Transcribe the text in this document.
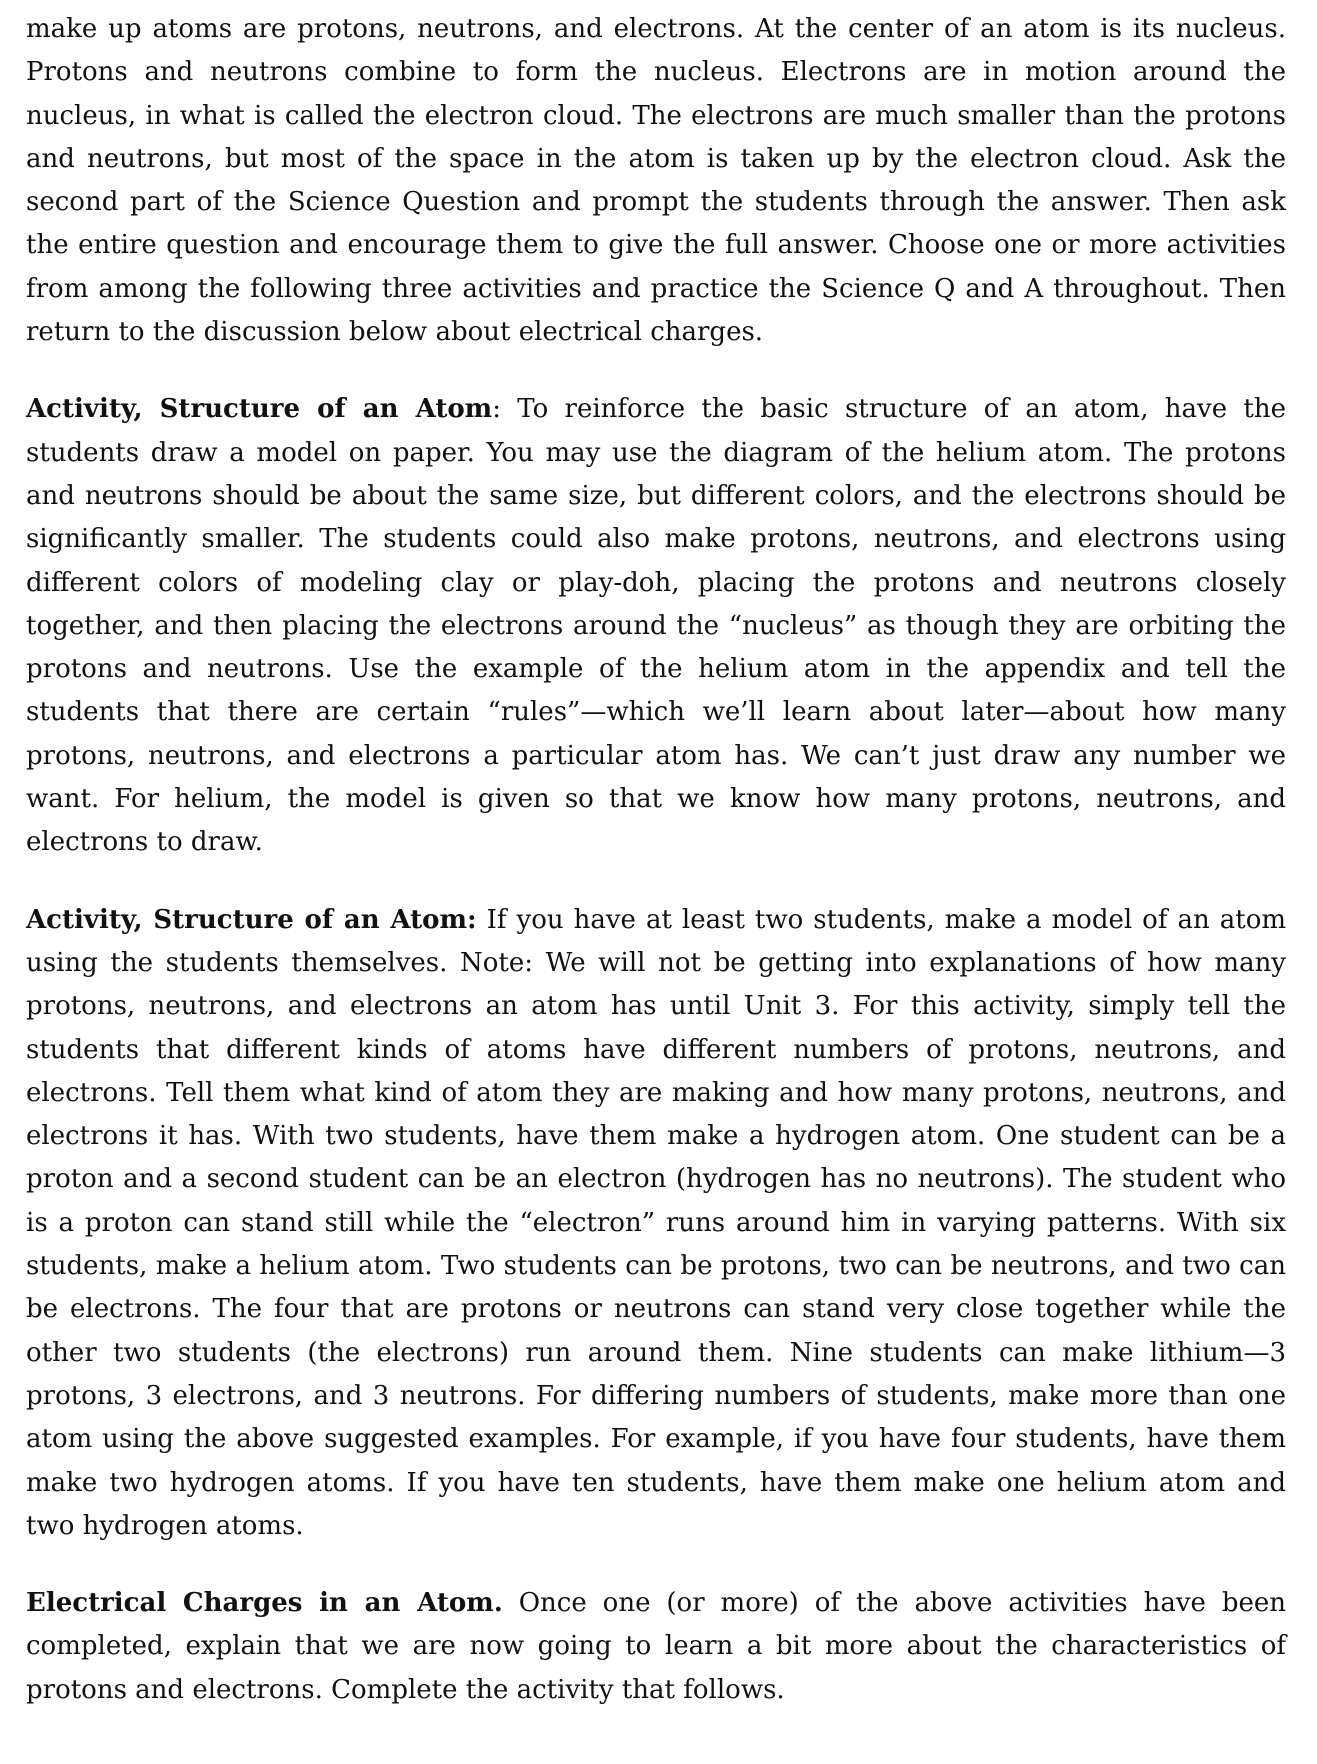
make up atoms are protons, neutrons, and electrons. At the center of an atom is its nucleus. Protons and neutrons combine to form the nucleus. Electrons are in motion around the nucleus, in what is called the electron cloud. The electrons are much smaller than the protons and neutrons, but most of the space in the atom is taken up by the electron cloud. Ask the second part of the Science Question and prompt the students through the answer. Then ask the entire question and encourage them to give the full answer. Choose one or more activities from among the following three activities and practice the Science Q and A throughout. Then return to the discussion below about electrical charges.

Activity, Structure of an Atom: To reinforce the basic structure of an atom, have the students draw a model on paper. You may use the diagram of the helium atom. The protons and neutrons should be about the same size, but different colors, and the electrons should be significantly smaller. The students could also make protons, neutrons, and electrons using different colors of modeling clay or play-doh, placing the protons and neutrons closely together, and then placing the electrons around the “nucleus” as though they are orbiting the protons and neutrons. Use the example of the helium atom in the appendix and tell the students that there are certain “rules”—which we’ll learn about later—about how many protons, neutrons, and electrons a particular atom has. We can’t just draw any number we want. For helium, the model is given so that we know how many protons, neutrons, and electrons to draw.

Activity, Structure of an Atom: If you have at least two students, make a model of an atom using the students themselves. Note: We will not be getting into explanations of how many protons, neutrons, and electrons an atom has until Unit 3. For this activity, simply tell the students that different kinds of atoms have different numbers of protons, neutrons, and electrons. Tell them what kind of atom they are making and how many protons, neutrons, and electrons it has. With two students, have them make a hydrogen atom. One student can be a proton and a second student can be an electron (hydrogen has no neutrons). The student who is a proton can stand still while the “electron” runs around him in varying patterns. With six students, make a helium atom. Two students can be protons, two can be neutrons, and two can be electrons. The four that are protons or neutrons can stand very close together while the other two students (the electrons) run around them. Nine students can make lithium—3 protons, 3 electrons, and 3 neutrons. For differing numbers of students, make more than one atom using the above suggested examples. For example, if you have four students, have them make two hydrogen atoms. If you have ten students, have them make one helium atom and two hydrogen atoms.

Electrical Charges in an Atom. Once one (or more) of the above activities have been completed, explain that we are now going to learn a bit more about the characteristics of protons and electrons. Complete the activity that follows.
